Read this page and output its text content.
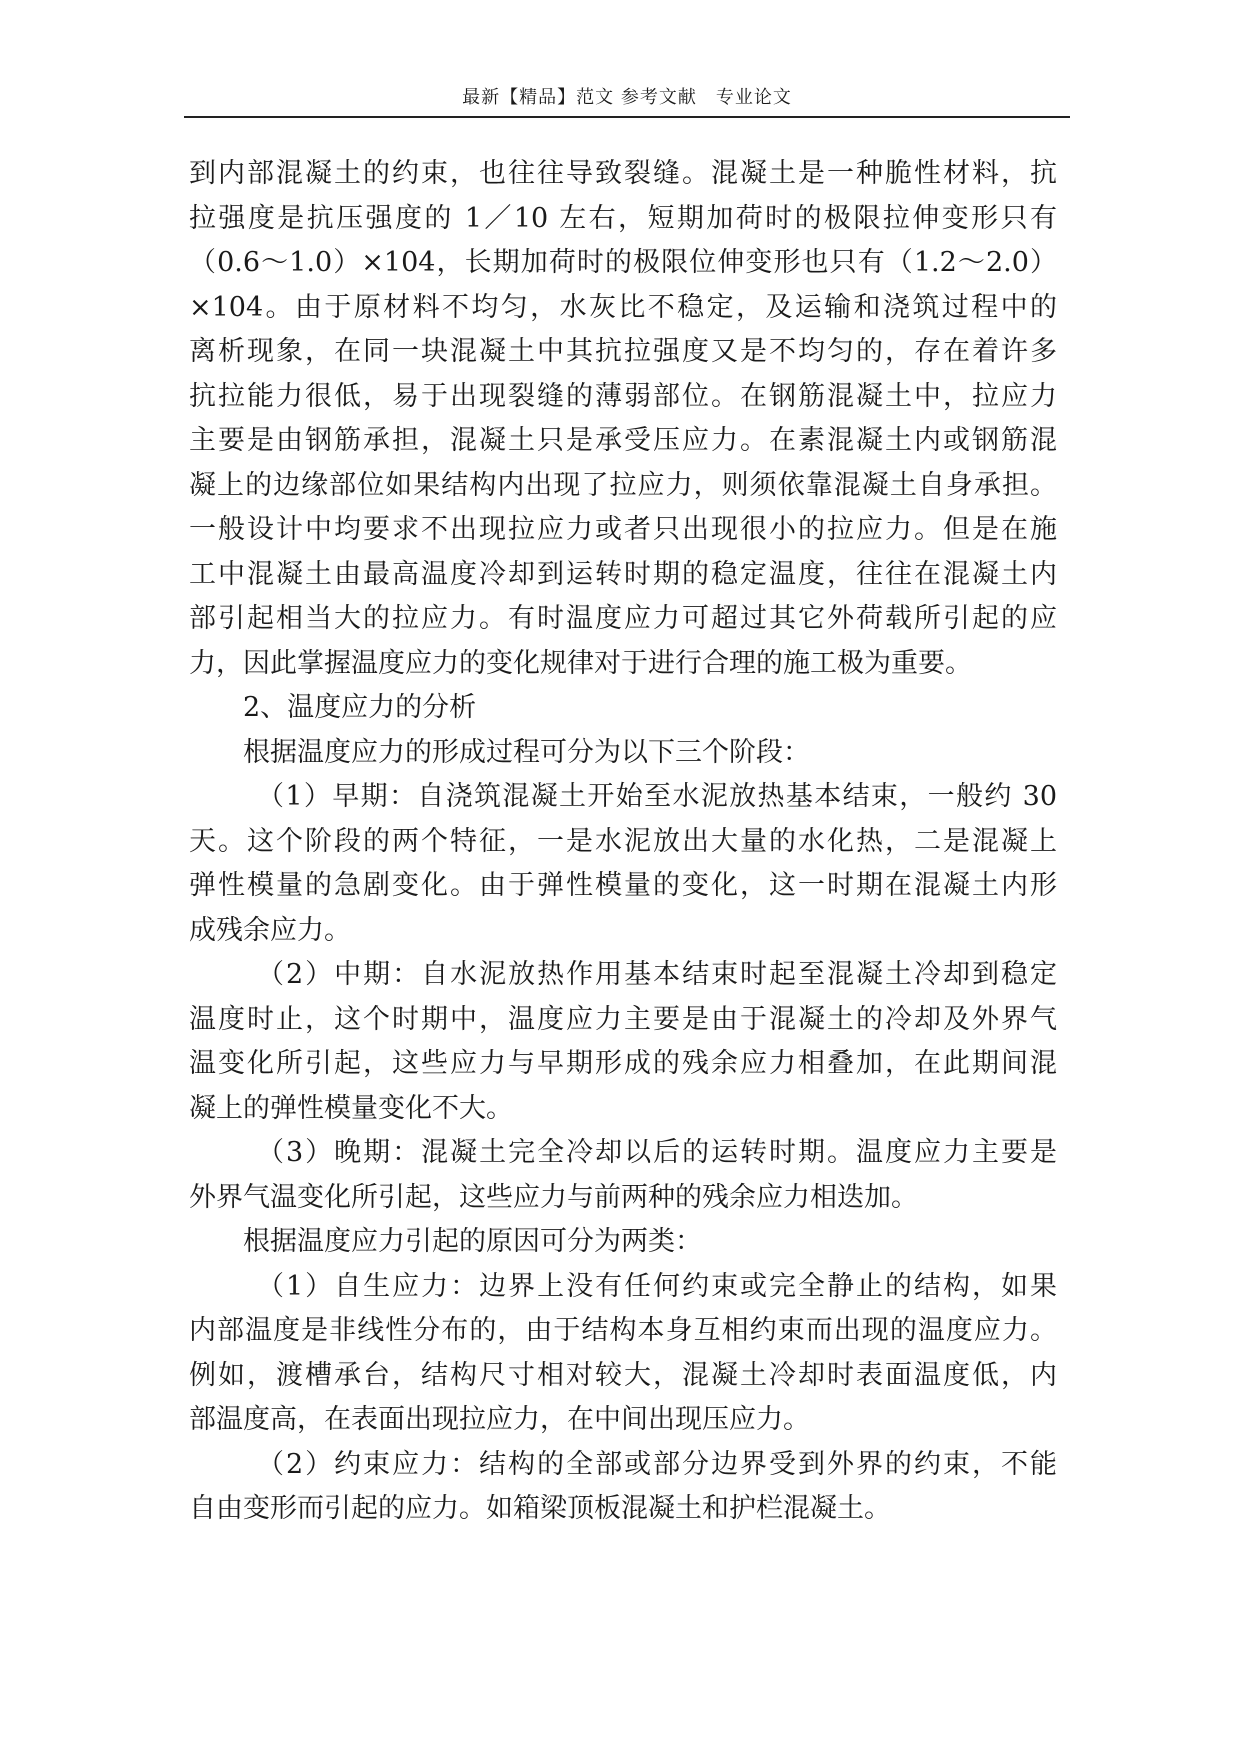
最新【精品】范文 参考文献　专业论文
到内部混凝土的约束，也往往导致裂缝。混凝土是一种脆性材料，抗
拉强度是抗压强度的 1／10 左右，短期加荷时的极限拉伸变形只有
（0.6～1.0）×104，长期加荷时的极限位伸变形也只有（1.2～2.0）
×104。由于原材料不均匀，水灰比不稳定，及运输和浇筑过程中的
离析现象，在同一块混凝土中其抗拉强度又是不均匀的，存在着许多
抗拉能力很低，易于出现裂缝的薄弱部位。在钢筋混凝土中，拉应力
主要是由钢筋承担，混凝土只是承受压应力。在素混凝土内或钢筋混
凝上的边缘部位如果结构内出现了拉应力，则须依靠混凝土自身承担。
一般设计中均要求不出现拉应力或者只出现很小的拉应力。但是在施
工中混凝土由最高温度冷却到运转时期的稳定温度，往往在混凝土内
部引起相当大的拉应力。有时温度应力可超过其它外荷载所引起的应
力，因此掌握温度应力的变化规律对于进行合理的施工极为重要。
2、温度应力的分析
根据温度应力的形成过程可分为以下三个阶段：
（1）早期：自浇筑混凝土开始至水泥放热基本结束，一般约 30
天。这个阶段的两个特征，一是水泥放出大量的水化热，二是混凝上
弹性模量的急剧变化。由于弹性模量的变化，这一时期在混凝土内形
成残余应力。
（2）中期：自水泥放热作用基本结束时起至混凝土冷却到稳定
温度时止，这个时期中，温度应力主要是由于混凝土的冷却及外界气
温变化所引起，这些应力与早期形成的残余应力相叠加，在此期间混
凝上的弹性模量变化不大。
（3）晚期：混凝土完全冷却以后的运转时期。温度应力主要是
外界气温变化所引起，这些应力与前两种的残余应力相迭加。
根据温度应力引起的原因可分为两类：
（1）自生应力：边界上没有任何约束或完全静止的结构，如果
内部温度是非线性分布的，由于结构本身互相约束而出现的温度应力。
例如，渡槽承台，结构尺寸相对较大，混凝土冷却时表面温度低，内
部温度高，在表面出现拉应力，在中间出现压应力。
（2）约束应力：结构的全部或部分边界受到外界的约束，不能
自由变形而引起的应力。如箱梁顶板混凝土和护栏混凝土。
